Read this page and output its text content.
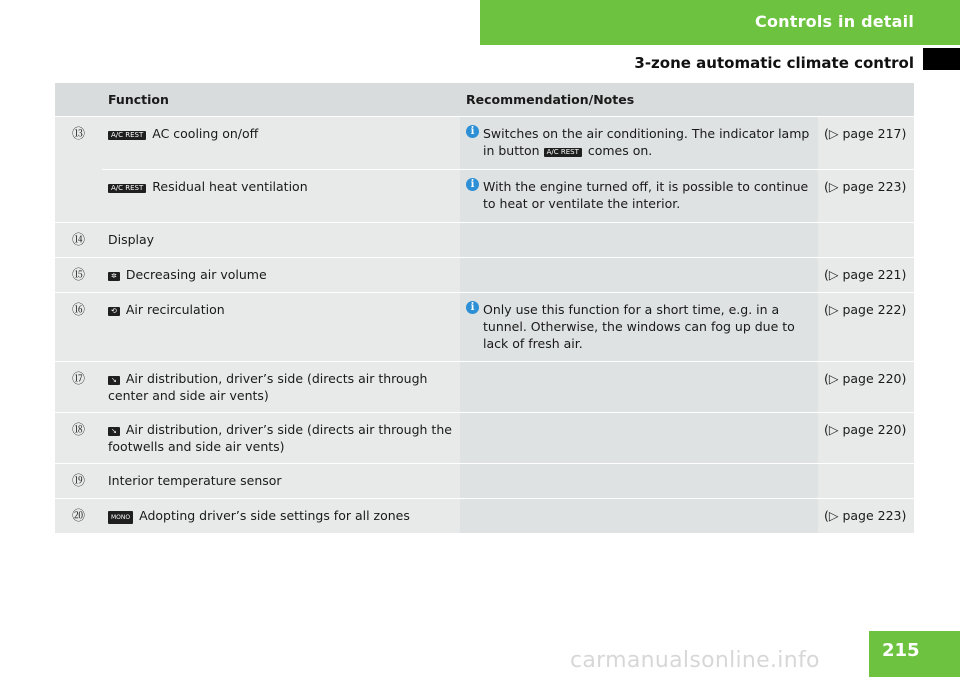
Controls in detail
3-zone automatic climate control
	Function	Recommendation/Notes	
⑬	A/C REST AC cooling on/off	i Switches on the air conditioning. The indicator lamp in button A/C REST comes on.	(▷ page 217)
	A/C REST Residual heat ventilation	i With the engine turned off, it is possible to continue to heat or ventilate the interior.	(▷ page 223)
⑭	Display		
⑮	✲ Decreasing air volume		(▷ page 221)
⑯	⟲ Air recirculation	i Only use this function for a short time, e.g. in a tunnel. Otherwise, the windows can fog up due to lack of fresh air.	(▷ page 222)
⑰	↘ Air distribution, driver’s side (directs air through center and side air vents)		(▷ page 220)
⑱	↘ Air distribution, driver’s side (directs air through the footwells and side air vents)		(▷ page 220)
⑲	Interior temperature sensor		
⑳	MONO Adopting driver’s side settings for all zones		(▷ page 223)
215
carmanualsonline.info
